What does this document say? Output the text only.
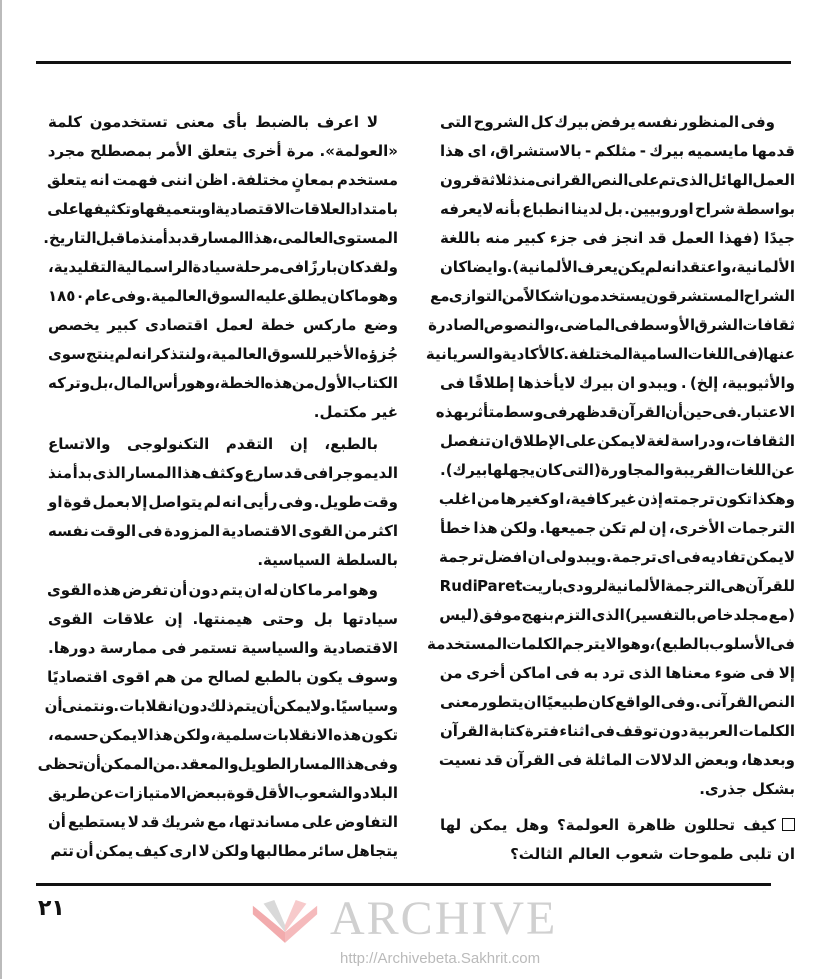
وفى المنظور نفسه يرفض بيرك كل الشروح التى
قدمها مايسميه بيرك - مثلكم - بالاستشراق، اى هذا
العمل الهائل الذى تم على النص القرانى منذ ثلاثة قرون
بواسطة شراح اوروبيين. بل لدينا انطباع بأنه لايعرفه
جيدًا (فهذا العمل قد انجز فى جزء كبير منه باللغة
الألمانية، واعتقد انه لم يكن يعرف الألمانية). وايضا كان
الشراح المستشرقون يستخدمون اشكالاً من التوازى مع
ثقافات الشرق الأوسط فى الماضى، والنصوص الصادرة
عنها ( فى اللغات السامية المختلفة. كالأكادية والسريانية
والأثيوبية، إلخ) . ويبدو ان بيرك لايأخذها إطلاقًا فى
الاعتبار. فى حين أن القرآن قد ظهر فى وسط متأثر بهذه
الثقافات، ودراسة لغة لايمكن على الإطلاق ان تنفصل
عن اللغات القريبة والمجاورة (التى كان يجهلها بيرك).
وهكذا تكون ترجمته إذن غير كافية، او كغيرها من اغلب
الترجمات الأخرى، إن لم تكن جميعها. ولكن هذا خطأ
لايمكن تفاديه فى اى ترجمة. ويبدو لى ان افضل ترجمة
للقرآن هى الترجمة الألمانية لرودى باريت Rudi Paret
(مع مجلد خاص بالتفسير) الذى التزم بنهج موفق (ليس
فى الأسلوب بالطبع)، وهو الايترجم الكلمات المستخدمة
إلا فى ضوء معناها الذى ترد به فى اماكن أخرى من
النص القرآنى. وفى الواقع كان طبيعيًا ان يتطور معنى
الكلمات العربية دون توقف فى اثناء فترة كتابة القرآن
وبعدها، وبعض الدلالات الماثلة فى القرآن قد نسيت
بشكل جذرى.
كيف تحللون ظاهرة العولمة؟ وهل يمكن لها
ان تلبى طموحات شعوب العالم الثالث؟
لا اعرف بالضبط بأى معنى تستخدمون كلمة
«العولمة». مرة أخرى يتعلق الأمر بمصطلح مجرد
مستخدم بمعانٍ مختلفة. اظن اننى فهمت انه يتعلق
بامتداد العلاقات الاقتصادية او بتعميقها وتكثيفها على
المستوى العالمى، هذا المسار قد بدأ منذ ماقبل التاريخ.
ولقد كان بارزًا فى مرحلة سيادة الراسمالية التقليدية،
وهو ماكان يطلق عليه السوق العالمية. وفى عام ١٨٥٠
وضع ماركس خطة لعمل اقتصادى كبير يخصص
جُزؤه الأخير للسوق العالمية، ولنتذكر انه لم ينتج سوى
الكتاب الأول من هذه الخطة، وهو رأس المال، بل وتركه
غير مكتمل.
بالطبع، إن التقدم التكنولوجى والاتساع
الديموجرافى قد سارع وكثف هذا المسار الذى بدأ منذ
وقت طويل. وفى رأيى انه لم يتواصل إلا بعمل قوة او
اكثر من القوى الاقتصادية المزودة فى الوقت نفسه
بالسلطة السياسية.
وهو امر ما كان له ان يتم دون أن تفرض هذه القوى
سيادتها بل وحتى هيمنتها. إن علاقات القوى
الاقتصادية والسياسية تستمر فى ممارسة دورها.
وسوف يكون بالطبع لصالح من هم اقوى اقتصاديًا
وسياسيًا. ولا يمكن أن يتم ذلك دون انقلابات. ونتمنى أن
تكون هذه الانقلابات سلمية، ولكن هذا لايمكن حسمه،
وفى هذا المسار الطويل والمعقد. من الممكن أن تحظى
البلاد والشعوب الأقل قوة ببعض الامتيازات عن طريق
التفاوض على مساندتها، مع شريك قد لا يستطيع أن
يتجاهل سائر مطالبها ولكن لا ارى كيف يمكن أن تتم
٢١	ARCHIVE
http://Archivebeta.Sakhrit.com
